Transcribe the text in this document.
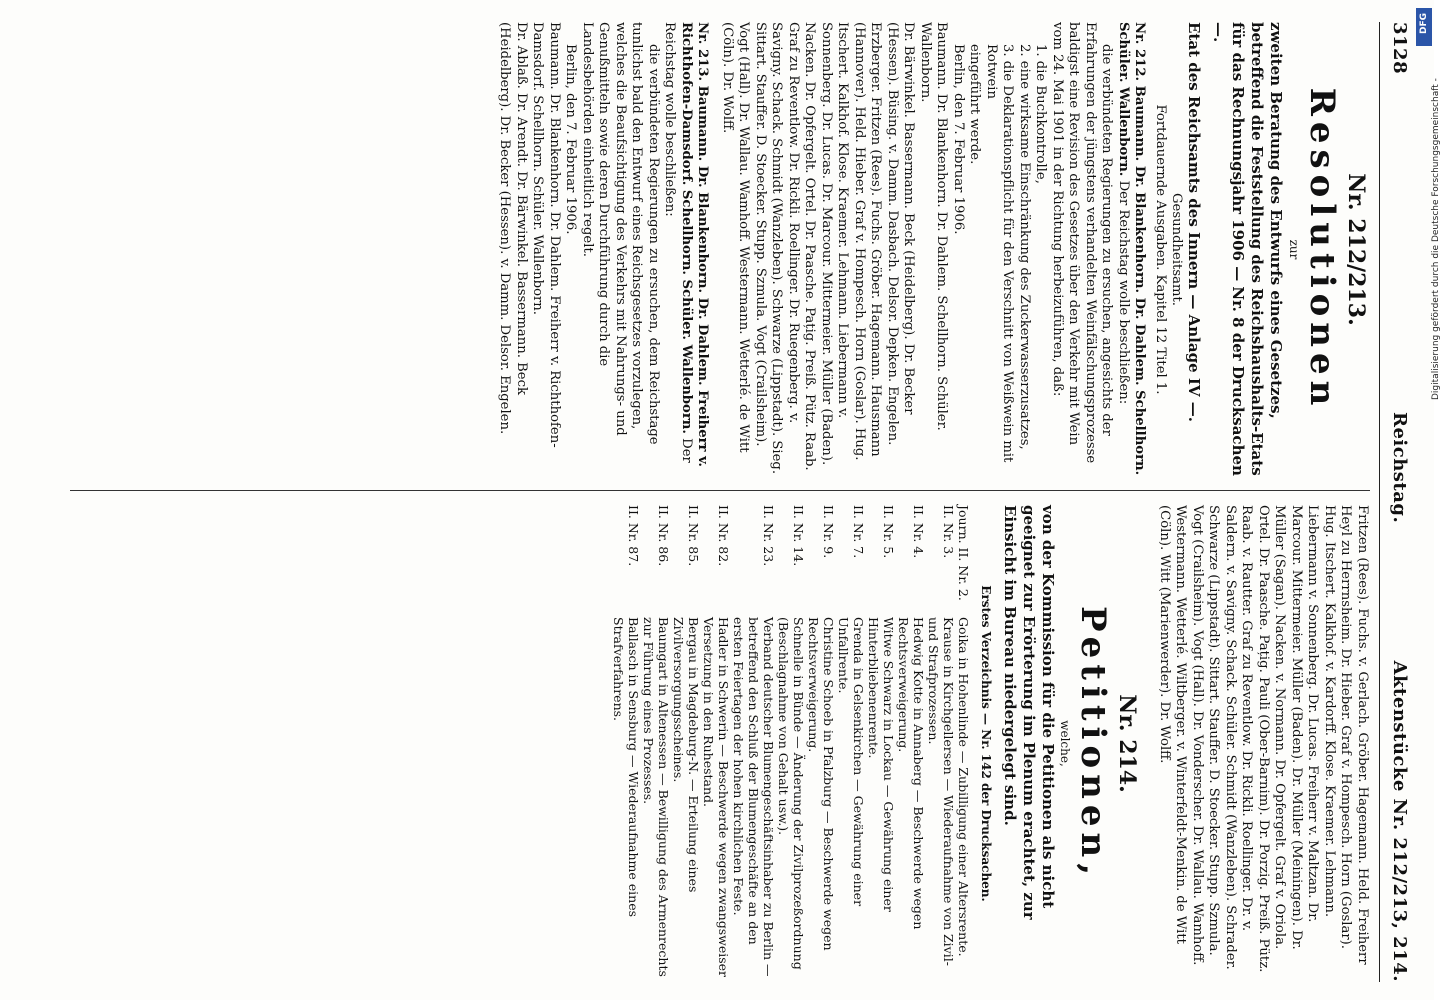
3128
Reichstag.
Aktenstücke Nr. 212/213, 214.

Nr. 212/213.

Resolutionen

zur

zweiten Beratung des Entwurfs eines Gesetzes, betreffend die Feststellung des Reichshaushalts-Etats für das Rechnungsjahr 1906 — Nr. 8 der Drucksachen —.

Etat des Reichsamts des Innern — Anlage IV —.

Gesundheitsamt.

Fortdauernde Ausgaben. Kapitel 12 Titel 1.

Nr. 212. Baumann. Dr. Blankenhorn. Dr. Dahlem. Schellhorn. Schüler. Wallenborn. Der Reichstag wolle beschließen:

die verbündeten Regierungen zu ersuchen, angesichts der Erfahrungen der jüngstens verhandelten Weinfälschungsprozesse baldigst eine Revision des Gesetzes über den Verkehr mit Wein vom 24. Mai 1901 in der Richtung herbeizuführen, daß:

1. die Buchkontrolle,

2. eine wirksame Einschränkung des Zuckerwasserzusatzes,

3. die Deklarationspflicht für den Verschnitt von Weißwein mit Rotwein

eingeführt werde.

Berlin, den 7. Februar 1906.

Baumann. Dr. Blankenhorn. Dr. Dahlem. Schellhorn. Schüler. Wallenborn.

Dr. Bärwinkel. Bassermann. Beck (Heidelberg). Dr. Becker (Hessen). Büsing. v. Damm. Dasbach. Delsor. Depken. Engelen. Erzberger. Fritzen (Rees). Fuchs. Gröber. Hagemann. Hausmann (Hannover). Held. Hieber. Graf v. Hompesch. Horn (Goslar). Hug. Itschert. Kalkhof. Klose. Kraemer. Lehmann. Liebermann v. Sonnenberg. Dr. Lucas. Dr. Marcour. Mittermeier. Müller (Baden). Nacken. Dr. Opfergelt. Ortel. Dr. Paasche. Pațig. Preiß. Pütz. Raab. Graf zu Reventlow. Dr. Rickli. Roellinger. Dr. Ruegenberg. v. Savigny. Schack. Schmidt (Wanzleben). Schwarze (Lippstadt). Sieg. Sittart. Stauffer. D. Stoecker. Stupp. Szmula. Vogt (Crailsheim). Vogt (Hall). Dr. Wallau. Wamhoff. Westermann. Wetterlé. de Witt (Cöln). Dr. Wolff.

Nr. 213. Baumann. Dr. Blankenhorn. Dr. Dahlem. Freiherr v. Richthofen-Damsdorf. Schellhorn. Schüler. Wallenborn. Der Reichstag wolle beschließen:

die verbündeten Regierungen zu ersuchen, dem Reichstage tunlichst bald den Entwurf eines Reichsgesetzes vorzulegen, welches die Beaufsichtigung des Verkehrs mit Nahrungs- und Genußmitteln sowie deren Durchführung durch die Landesbehörden einheitlich regelt.

Berlin, den 7. Februar 1906.

Baumann. Dr. Blankenhorn. Dr. Dahlem. Freiherr v. Richthofen-Damsdorf. Schellhorn. Schüler. Wallenborn.

Dr. Ablaß. Dr. Arendt. Dr. Bärwinkel. Bassermann. Beck (Heidelberg). Dr. Becker (Hessen). v. Damm. Delsor. Engelen.

Fritzen (Rees). Fuchs. v. Gerlach. Gröber. Hagemann. Held. Freiherr Heyl zu Herrnsheim. Dr. Hieber. Graf v. Hompesch. Horn (Goslar). Hug. Itschert. Kalkhof. v. Kardorff. Klose. Kraemer. Lehmann. Liebermann v. Sonnenberg. Dr. Lucas. Freiherr v. Maltzan. Dr. Marcour. Mittermeier. Müller (Baden). Dr. Müller (Meiningen). Dr. Müller (Sagan). Nacken. v. Normann. Dr. Opfergelt. Graf v. Oriola. Ortel. Dr. Paasche. Pațig. Pauli (Ober-Barnim). Dr. Porzig. Preiß. Pütz. Raab. v. Rautter. Graf zu Reventlow. Dr. Rickli. Roellinger. Dr. v. Saldern. v. Savigny. Schack. Schüler. Schmidt (Wanzleben). Schrader. Schwarze (Lippstadt). Sittart. Stauffer. D. Stoecker. Stupp. Szmula. Vogt (Crailsheim). Vogt (Hall). Dr. Vonderscher. Dr. Wallau. Wamhoff. Westermann. Wetterlé. Wiltberger. v. Winterfeldt-Menkin. de Witt (Cöln). Witt (Marienwerder). Dr. Wolff.

Nr. 214.

Petitionen,

welche,

von der Kommission für die Petitionen als nicht geeignet zur Erörterung im Plenum erachtet, zur Einsicht im Bureau niedergelegt sind.

Erstes Verzeichnis — Nr. 142 der Drucksachen.

Journ. II. Nr. 2.
Goika in Hohenlinde — Zubilligung einer Altersrente.
II. Nr. 3.
Krause in Kirchgellersen — Wiederaufnahme von Zivil- und Strafprozessen.
II. Nr. 4.
Hedwig Kotte in Annaberg — Beschwerde wegen Rechtsverweigerung.
II. Nr. 5.
Witwe Schwarz in Lockau — Gewährung einer Hinterbliebenenrente.
II. Nr. 7.
Grenda in Gelsenkirchen — Gewährung einer Unfallrente.
II. Nr. 9.
Christine Schoeb in Pfalzburg — Beschwerde wegen Rechtsverweigerung.
II. Nr. 14.
Schnelle in Bünde — Änderung der Zivilprozeßordnung (Beschlagnahme von Gehalt usw.).
II. Nr. 23.
Verband deutscher Blumengeschäftsinhaber zu Berlin — betreffend den Schluß der Blumengeschäfte an den ersten Feiertagen der hohen kirchlichen Feste.
II. Nr. 82.
Hadler in Schwerin — Beschwerde wegen zwangsweiser Versetzung in den Ruhestand.
II. Nr. 85.
Bergau in Magdeburg-N. — Erteilung eines Zivilversorgungsscheines.
II. Nr. 86.
Baumgart in Altenessen — Bewilligung des Armenrechts zur Führung eines Prozesses.
II. Nr. 87.
Ballasch in Sensburg — Wiederaufnahme eines Strafverfahrens.
DFG
Digitalisierung gefördert durch die Deutsche Forschungsgemeinschaft -
